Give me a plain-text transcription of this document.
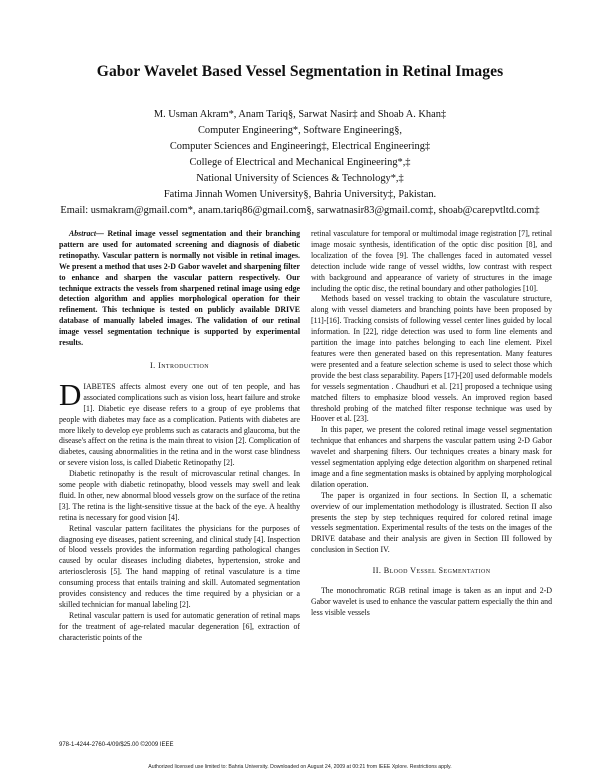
Gabor Wavelet Based Vessel Segmentation in Retinal Images
M. Usman Akram*, Anam Tariq§, Sarwat Nasir‡ and Shoab A. Khan‡
Computer Engineering*, Software Engineering§,
Computer Sciences and Engineering‡, Electrical Engineering‡
College of Electrical and Mechanical Engineering*,‡
National University of Sciences & Technology*,‡
Fatima Jinnah Women University§, Bahria University‡, Pakistan.
Email: usmakram@gmail.com*, anam.tariq86@gmail.com§, sarwatnasir83@gmail.com‡, shoab@carepvtltd.com‡

Abstract— Retinal image vessel segmentation and their branching pattern are used for automated screening and diagnosis of diabetic retinopathy. Vascular pattern is normally not visible in retinal images. We present a method that uses 2-D Gabor wavelet and sharpening filter to enhance and sharpen the vascular pattern respectively. Our technique extracts the vessels from sharpened retinal image using edge detection algorithm and applies morphological operation for their refinement. This technique is tested on publicly available DRIVE database of manually labeled images. The validation of our retinal image vessel segmentation technique is supported by experimental results.

I. Introduction

DIABETES affects almost every one out of ten people, and has associated complications such as vision loss, heart failure and stroke [1]. Diabetic eye disease refers to a group of eye problems that people with diabetes may face as a complication. Patients with diabetes are more likely to develop eye problems such as cataracts and glaucoma, but the disease's affect on the retina is the main threat to vision [2]. Complication of diabetes, causing abnormalities in the retina and in the worst case blindness or severe vision loss, is called Diabetic Retinopathy [2].

Diabetic retinopathy is the result of microvascular retinal changes. In some people with diabetic retinopathy, blood vessels may swell and leak fluid. In other, new abnormal blood vessels grow on the surface of the retina [3]. The retina is the light-sensitive tissue at the back of the eye. A healthy retina is necessary for good vision [4].

Retinal vascular pattern facilitates the physicians for the purposes of diagnosing eye diseases, patient screening, and clinical study [4]. Inspection of blood vessels provides the information regarding pathological changes caused by ocular diseases including diabetes, hypertension, stroke and arteriosclerosis [5]. The hand mapping of retinal vasculature is a time consuming process that entails training and skill. Automated segmentation provides consistency and reduces the time required by a physician or a skilled technician for manual labeling [2].

Retinal vascular pattern is used for automatic generation of retinal maps for the treatment of age-related macular degeneration [6], extraction of characteristic points of the

retinal vasculature for temporal or multimodal image registration [7], retinal image mosaic synthesis, identification of the optic disc position [8], and localization of the fovea [9]. The challenges faced in automated vessel detection include wide range of vessel widths, low contrast with respect with background and appearance of variety of structures in the image including the optic disc, the retinal boundary and other pathologies [10].

Methods based on vessel tracking to obtain the vasculature structure, along with vessel diameters and branching points have been proposed by [11]-[16]. Tracking consists of following vessel center lines guided by local information. In [22], ridge detection was used to form line elements and partition the image into patches belonging to each line element. Pixel features were then generated based on this representation. Many features were presented and a feature selection scheme is used to select those which provide the best class separability. Papers [17]-[20] used deformable models for vessels segmentation . Chaudhuri et al. [21] proposed a technique using matched filters to emphasize blood vessels. An improved region based threshold probing of the matched filter response technique was used by Hoover et al. [23].

In this paper, we present the colored retinal image vessel segmentation technique that enhances and sharpens the vascular pattern using 2-D Gabor wavelet and sharpening filters. Our techniques creates a binary mask for vessel segmentation applying edge detection algorithm on sharpened retinal image and a fine segmentation masks is obtained by applying morphological dilation operation.

The paper is organized in four sections. In Section II, a schematic overview of our implementation methodology is illustrated. Section II also presents the step by step techniques required for colored retinal image vessels segmentation. Experimental results of the tests on the images of the DRIVE database and their analysis are given in Section III followed by conclusion in Section IV.

II. Blood Vessel Segmentation

The monochromatic RGB retinal image is taken as an input and 2-D Gabor wavelet is used to enhance the vascular pattern especially the thin and less visible vessels

978-1-4244-2760-4/09/$25.00 ©2009 IEEE
Authorized licensed use limited to: Bahria University. Downloaded on August 24, 2009 at 00:21 from IEEE Xplore. Restrictions apply.
